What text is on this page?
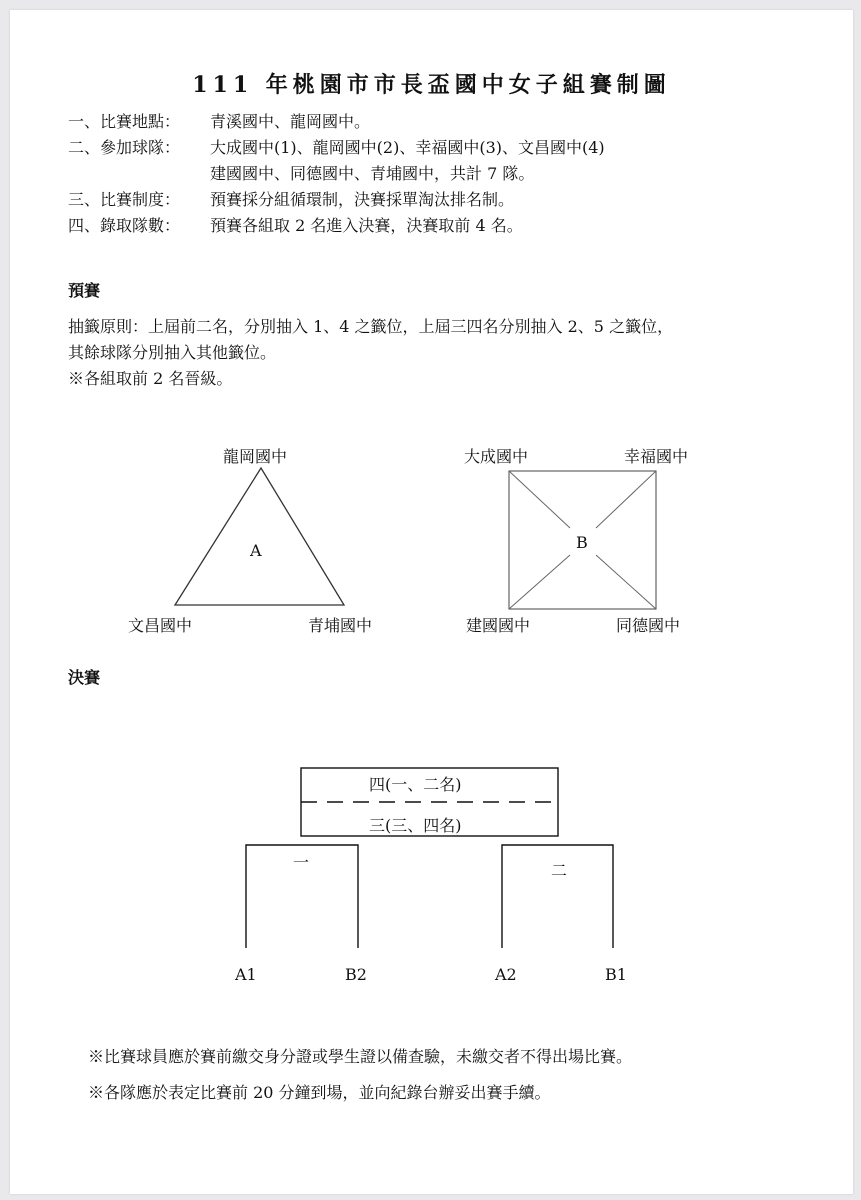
111 年桃園市市長盃國中女子組賽制圖
一、比賽地點： 青溪國中、龍岡國中。
二、參加球隊： 大成國中(1)、龍岡國中(2)、幸福國中(3)、文昌國中(4)
建國國中、同德國中、青埔國中，共計 7 隊。
三、比賽制度： 預賽採分組循環制，決賽採單淘汰排名制。
四、錄取隊數： 預賽各組取 2 名進入決賽，決賽取前 4 名。
預賽
抽籤原則：上屆前二名，分別抽入 1、4 之籤位，上屆三四名分別抽入 2、5 之籤位，
其餘球隊分別抽入其他籤位。
※各組取前 2 名晉級。
龍岡國中
A
文昌國中	青埔國中
大成國中	幸福國中
B
建國國中	同德國中
決賽
四(一、二名)
三(三、四名)
一	二
A1	B2	A2	B1
※比賽球員應於賽前繳交身分證或學生證以備查驗，未繳交者不得出場比賽。
※各隊應於表定比賽前 20 分鐘到場，並向紀錄台辦妥出賽手續。
